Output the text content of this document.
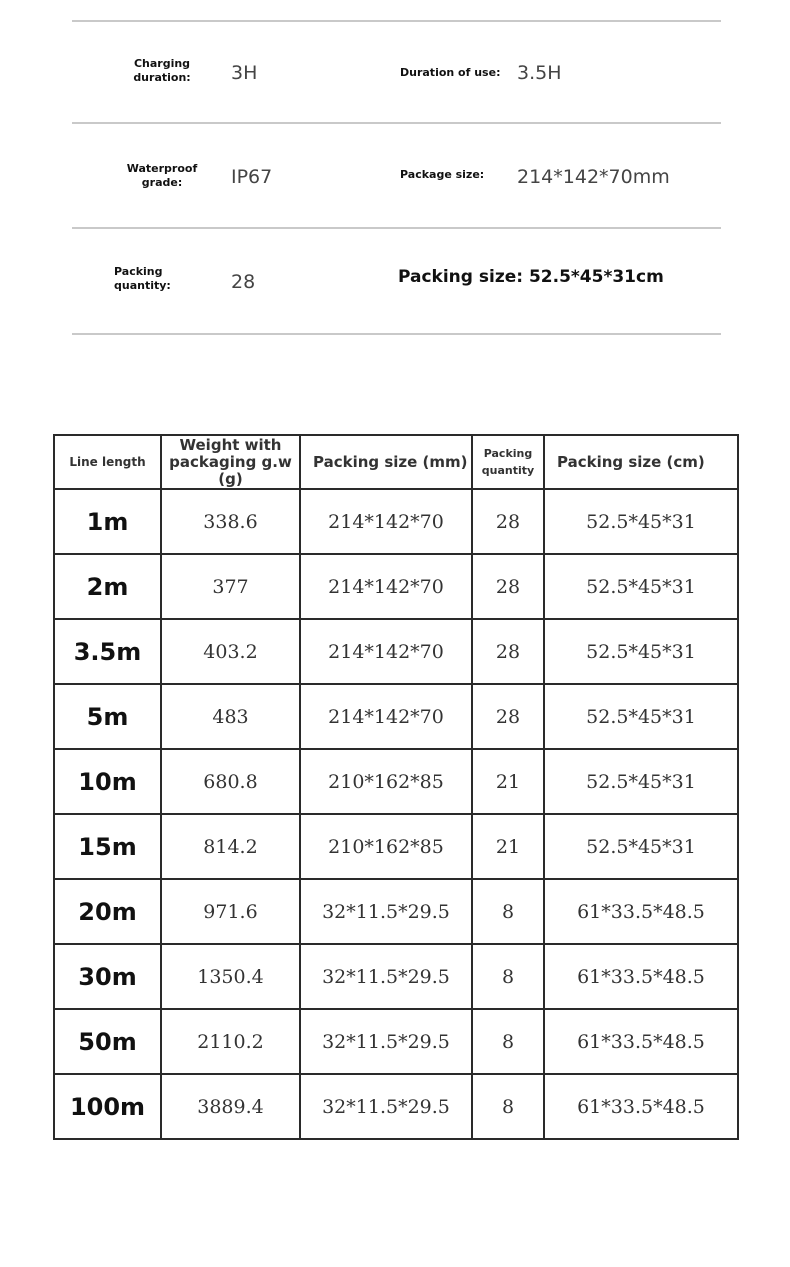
Charging duration:	3H	Duration of use: 3.5H
Waterproof grade:	IP67	Package size: 214*142*70mm
Packing quantity:	28	Packing size: 52.5*45*31cm
Line length	Weight with packaging g.w (g)	Packing size (mm)	Packing quantity	Packing size (cm)
1m	338.6	214*142*70	28	52.5*45*31
2m	377	214*142*70	28	52.5*45*31
3.5m	403.2	214*142*70	28	52.5*45*31
5m	483	214*142*70	28	52.5*45*31
10m	680.8	210*162*85	21	52.5*45*31
15m	814.2	210*162*85	21	52.5*45*31
20m	971.6	32*11.5*29.5	8	61*33.5*48.5
30m	1350.4	32*11.5*29.5	8	61*33.5*48.5
50m	2110.2	32*11.5*29.5	8	61*33.5*48.5
100m	3889.4	32*11.5*29.5	8	61*33.5*48.5
